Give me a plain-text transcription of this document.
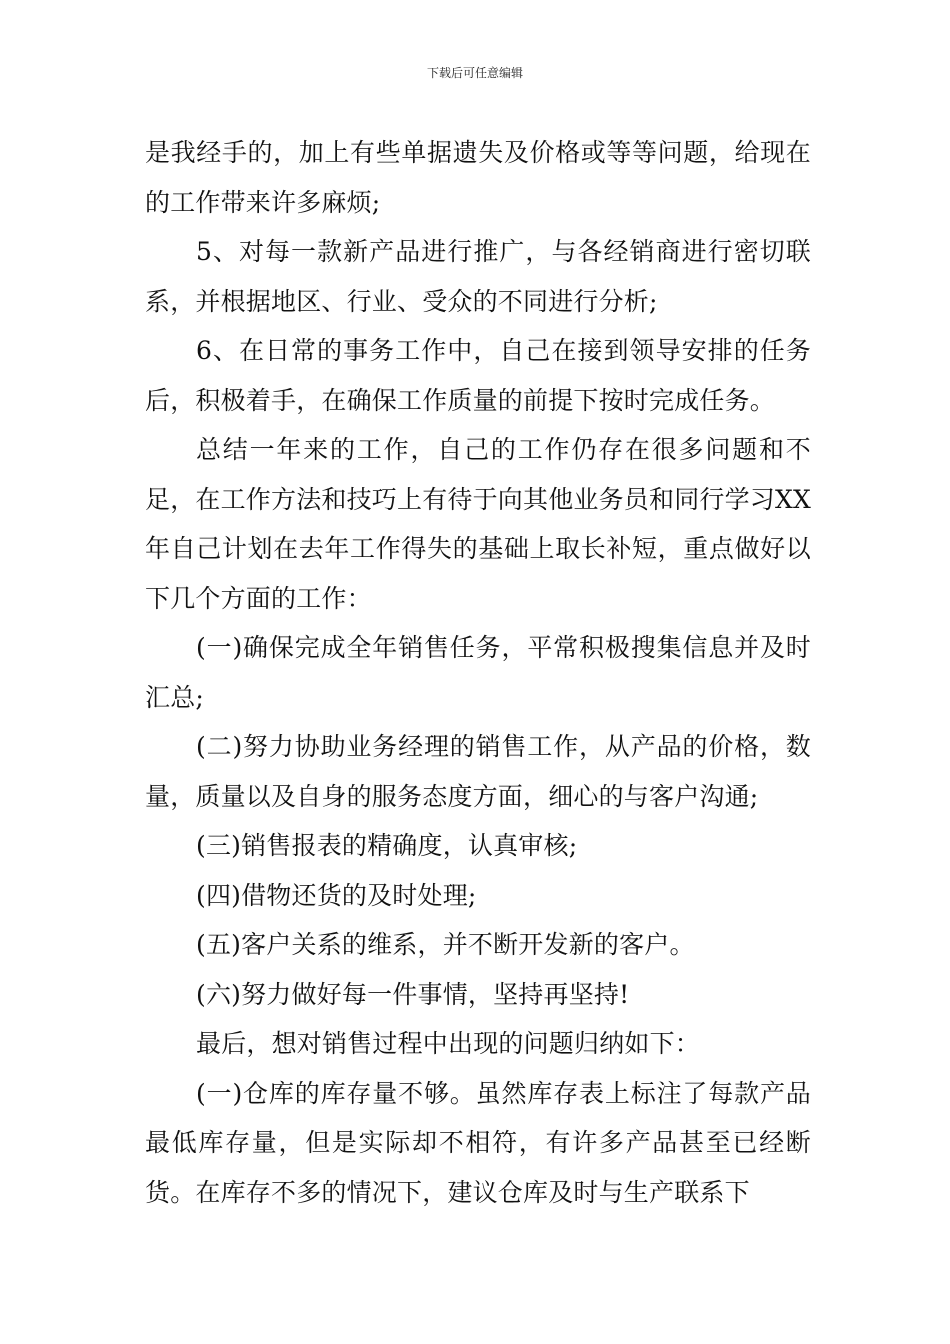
下载后可任意编辑

是我经手的，加上有些单据遗失及价格或等等问题，给现在的工作带来许多麻烦;

5、对每一款新产品进行推广，与各经销商进行密切联系，并根据地区、行业、受众的不同进行分析;

6、在日常的事务工作中，自己在接到领导安排的任务后，积极着手，在确保工作质量的前提下按时完成任务。

总结一年来的工作，自己的工作仍存在很多问题和不足，在工作方法和技巧上有待于向其他业务员和同行学习XX年自己计划在去年工作得失的基础上取长补短，重点做好以下几个方面的工作：

(一)确保完成全年销售任务，平常积极搜集信息并及时汇总;

(二)努力协助业务经理的销售工作，从产品的价格，数量，质量以及自身的服务态度方面，细心的与客户沟通;

(三)销售报表的精确度，认真审核;

(四)借物还货的及时处理;

(五)客户关系的维系，并不断开发新的客户。

(六)努力做好每一件事情，坚持再坚持!

最后，想对销售过程中出现的问题归纳如下：

(一)仓库的库存量不够。虽然库存表上标注了每款产品最低库存量，但是实际却不相符，有许多产品甚至已经断货。在库存不多的情况下，建议仓库及时与生产联系下
